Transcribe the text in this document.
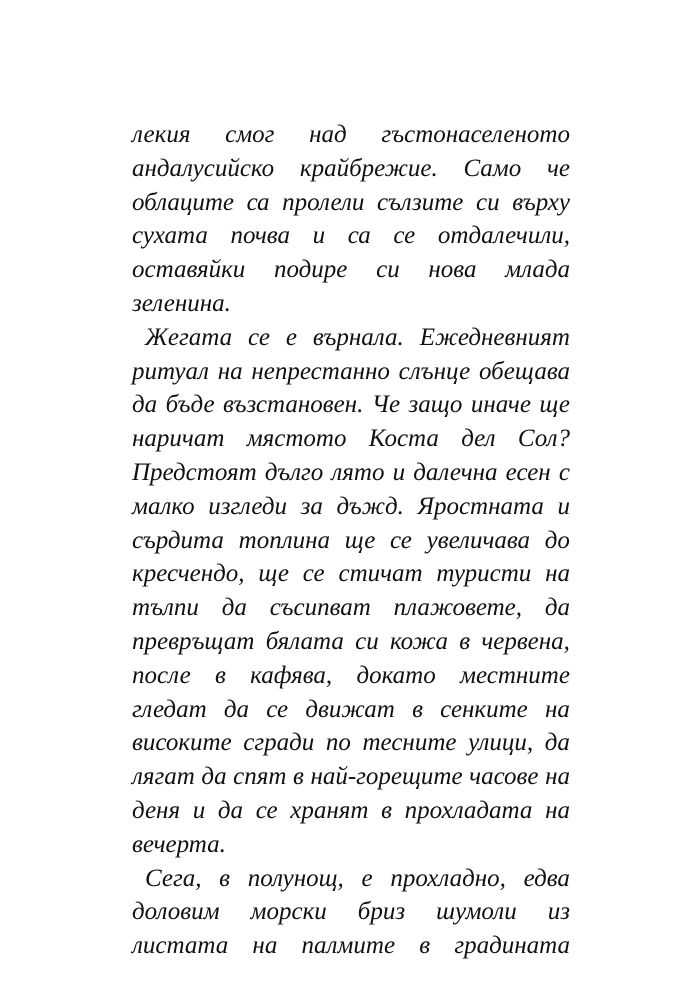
лекия смог над гъстонаселеното
андалусийско крайбрежие. Само че
облаците са пролели сълзите си върху
сухата почва и са се отдалечили,
оставяйки подире си нова млада
зеленина.
Жегата се е върнала. Ежедневният
ритуал на непрестанно слънце обещава
да бъде възстановен. Че защо иначе ще
наричат мястото Коста дел Сол?
Предстоят дълго лято и далечна есен с
малко изгледи за дъжд. Яростната и
сърдита топлина ще се увеличава до
кресчендо, ще се стичат туристи на
тълпи да съсипват плажовете, да
превръщат бялата си кожа в червена,
после в кафява, докато местните
гледат да се движат в сенките на
високите сгради по тесните улици, да
лягат да спят в най-горещите часове на
деня и да се хранят в прохладата на
вечерта.
Сега, в полунощ, е прохладно, едва
доловим морски бриз шумоли из
листата на палмите в градината
